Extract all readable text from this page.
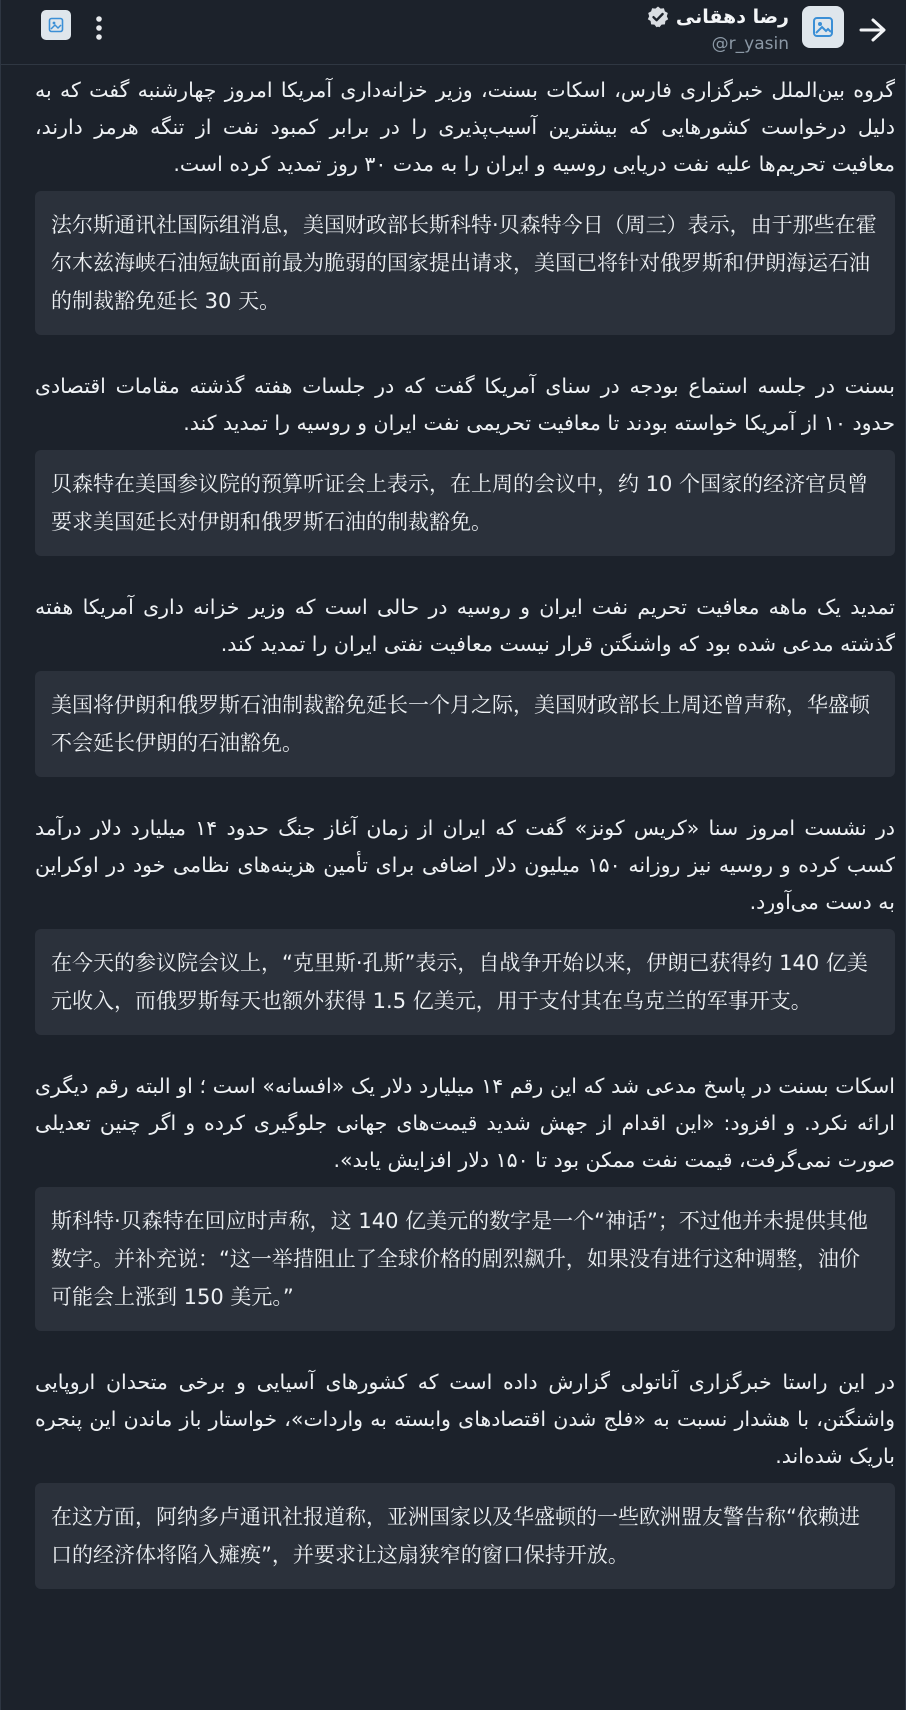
رضا دهقانی
@r_yasin

گروه بین‌الملل خبرگزاری فارس، اسکات بسنت، وزیر خزانه‌داری آمریکا امروز چهارشنبه گفت که به دلیل درخواست کشورهایی که بیشترین آسیب‌پذیری را در برابر کمبود نفت از تنگه هرمز دارند، معافیت تحریم‌ها علیه نفت دریایی روسیه و ایران را به مدت ۳۰ روز تمدید کرده است.

法尔斯通讯社国际组消息，美国财政部长斯科特·贝森特今日（周三）表示，由于那些在霍尔木兹海峡石油短缺面前最为脆弱的国家提出请求，美国已将针对俄罗斯和伊朗海运石油的制裁豁免延长 30 天。

بسنت در جلسه استماع بودجه در سنای آمریکا گفت که در جلسات هفته گذشته مقامات اقتصادی حدود ۱۰ از آمریکا خواسته بودند تا معافیت تحریمی نفت ایران و روسیه را تمدید کند.

贝森特在美国参议院的预算听证会上表示，在上周的会议中，约 10 个国家的经济官员曾要求美国延长对伊朗和俄罗斯石油的制裁豁免。

تمدید یک ماهه معافیت تحریم نفت ایران و روسیه در حالی است که وزیر خزانه داری آمریکا هفته گذشته مدعی شده بود که واشنگتن قرار نیست معافیت نفتی ایران را تمدید کند.

美国将伊朗和俄罗斯石油制裁豁免延长一个月之际，美国财政部长上周还曾声称，华盛顿不会延长伊朗的石油豁免。

در نشست امروز سنا «کریس کونز» گفت که ایران از زمان آغاز جنگ حدود ۱۴ میلیارد دلار درآمد کسب کرده و روسیه نیز روزانه ۱۵۰ میلیون دلار اضافی برای تأمین هزینه‌های نظامی خود در اوکراین به دست می‌آورد.

在今天的参议院会议上，“克里斯·孔斯”表示，自战争开始以来，伊朗已获得约 140 亿美元收入，而俄罗斯每天也额外获得 1.5 亿美元，用于支付其在乌克兰的军事开支。

اسکات بسنت در پاسخ مدعی شد که این رقم ۱۴ میلیارد دلار یک «افسانه» است ؛ او البته رقم دیگری ارائه نکرد. و افزود: «این اقدام از جهش شدید قیمت‌های جهانی جلوگیری کرده و اگر چنین تعدیلی صورت نمی‌گرفت، قیمت نفت ممکن بود تا ۱۵۰ دلار افزایش یابد».

斯科特·贝森特在回应时声称，这 140 亿美元的数字是一个“神话”；不过他并未提供其他数字。并补充说：“这一举措阻止了全球价格的剧烈飙升，如果没有进行这种调整，油价可能会上涨到 150 美元。”

در این راستا خبرگزاری آناتولی گزارش داده است که کشورهای آسیایی و برخی متحدان اروپایی واشنگتن، با هشدار نسبت به «فلج شدن اقتصادهای وابسته به واردات»، خواستار باز ماندن این پنجره باریک شده‌اند.

在这方面，阿纳多卢通讯社报道称，亚洲国家以及华盛顿的一些欧洲盟友警告称“依赖进口的经济体将陷入瘫痪”，并要求让这扇狭窄的窗口保持开放。
